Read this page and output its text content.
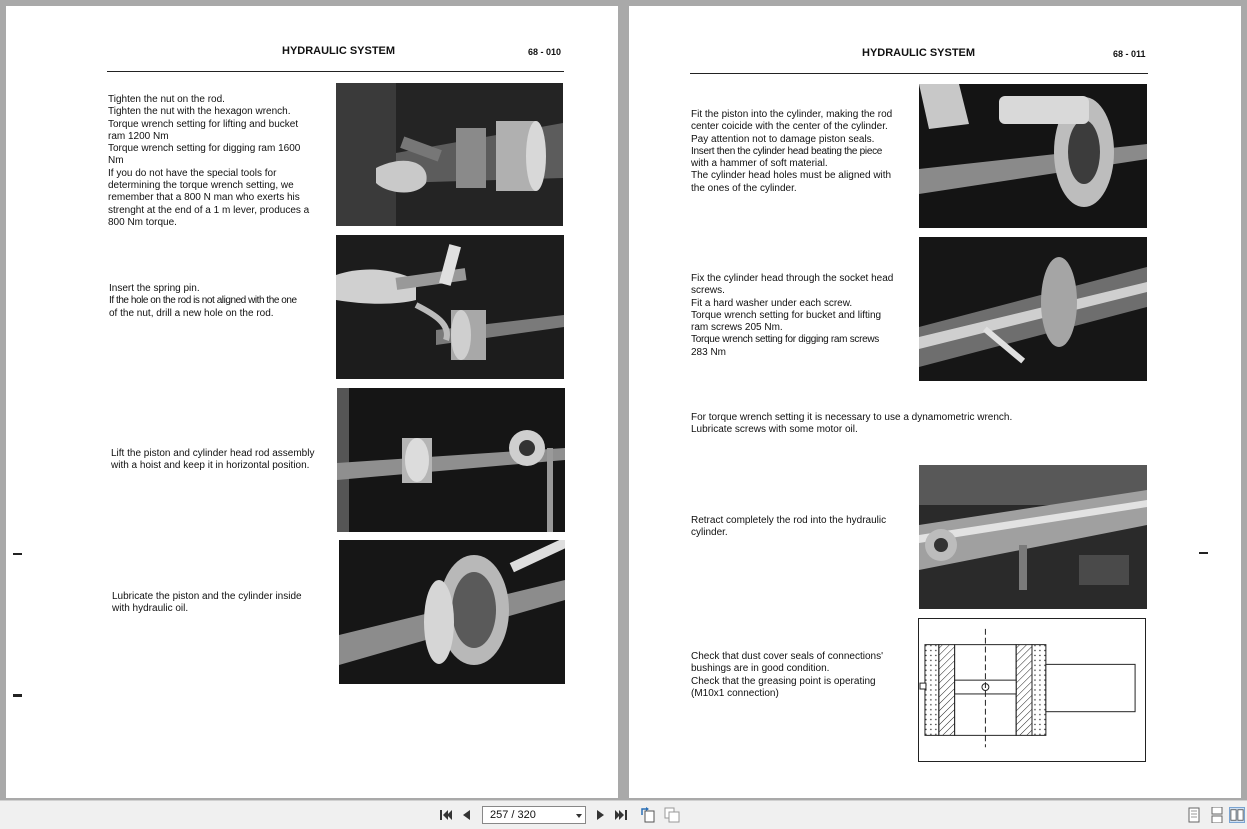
HYDRAULIC SYSTEM	68 - 010
Tighten the nut on the rod.
Tighten the nut with the hexagon wrench.
Torque wrench setting for lifting and bucket
ram 1200 Nm
Torque wrench setting for digging ram 1600
Nm
If you do not have the special tools for
determining the torque wrench setting, we
remember that a 800 N man who exerts his
strenght at the end of a 1 m lever, produces a
800 Nm torque.
Insert the spring pin.
If the hole on the rod is not aligned with the one
of the nut, drill a new hole on the rod.
Lift the piston and cylinder head rod assembly
with a hoist and keep it in horizontal position.
Lubricate the piston and the cylinder inside
with hydraulic oil.
HYDRAULIC SYSTEM	68 - 011
Fit the piston into the cylinder, making the rod
center coicide with the center of the cylinder.
Pay attention not to damage piston seals.
Insert then the cylinder head beating the piece
with a hammer of soft material.
The cylinder head holes must be aligned with
the ones of the cylinder.
Fix the cylinder head through the socket head
screws.
Fit a hard washer under each screw.
Torque wrench setting for bucket and lifting
ram screws 205 Nm.
Torque wrench setting for digging ram screws
283 Nm
For torque wrench setting it is necessary to use a dynamometric wrench.
Lubricate screws with some motor oil.
Retract completely the rod into the hydraulic
cylinder.
Check that dust cover seals of connections'
bushings are in good condition.
Check that the greasing point is operating
(M10x1 connection)
257 / 320
